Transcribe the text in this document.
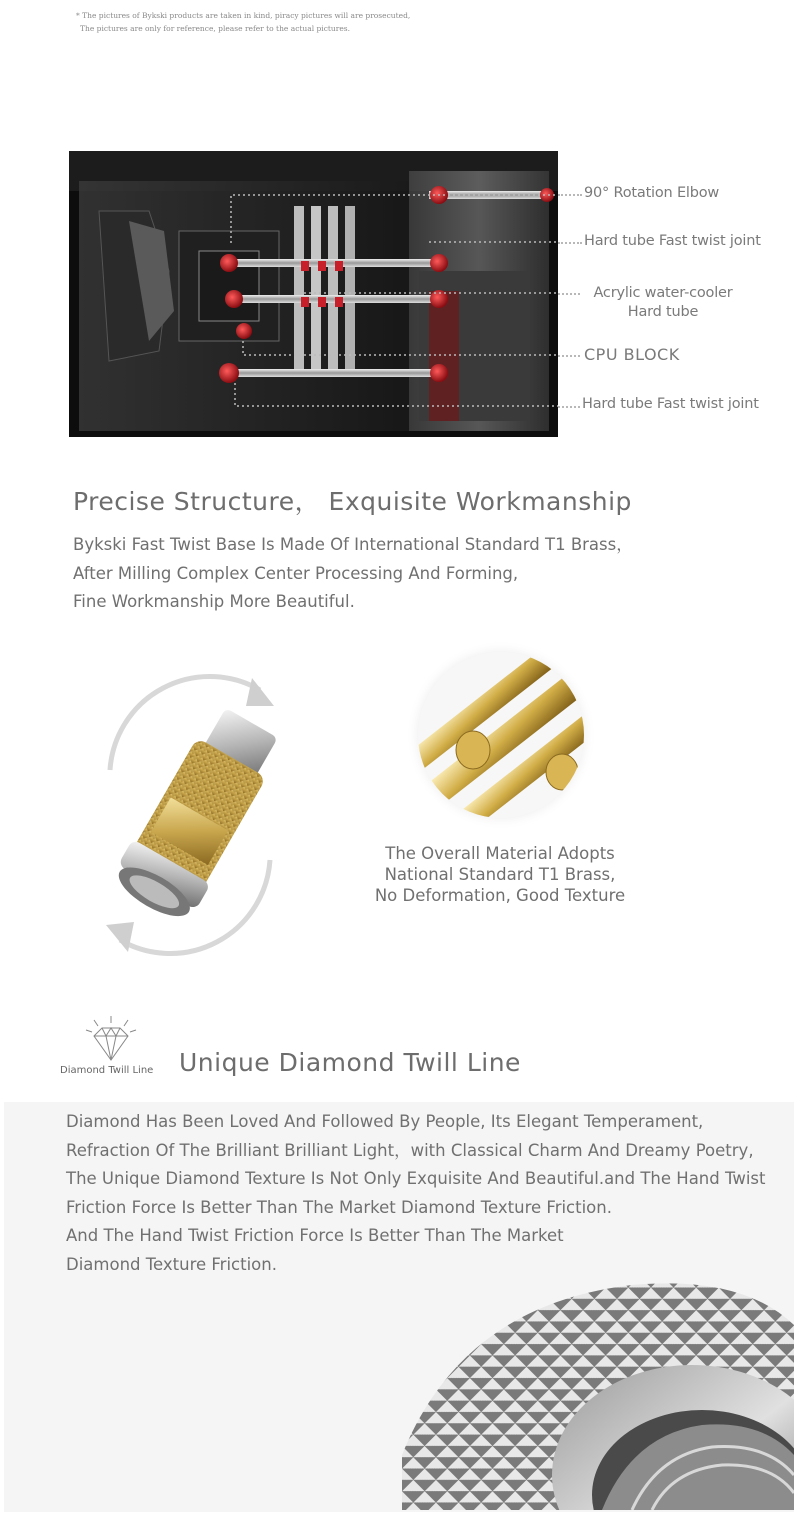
* The pictures of Bykski products are taken in kind, piracy pictures will are prosecuted,
The pictures are only for reference, please refer to the actual pictures.
90° Rotation Elbow
Hard tube Fast twist joint
Acrylic water-cooler
Hard tube
CPU BLOCK
Hard tube Fast twist joint
Precise Structure， Exquisite Workmanship
Bykski Fast Twist Base Is Made Of International Standard T1 Brass，
After Milling Complex Center Processing And Forming,
Fine Workmanship More Beautiful.
The Overall Material Adopts
National Standard T1 Brass,
No Deformation, Good Texture
Diamond Twill Line Unique Diamond Twill Line
Diamond Has Been Loved And Followed By People, Its Elegant Temperament,
Refraction Of The Brilliant Brilliant Light，with Classical Charm And Dreamy Poetry,
The Unique Diamond Texture Is Not Only Exquisite And Beautiful.and The Hand Twist
Friction Force Is Better Than The Market Diamond Texture Friction.
And The Hand Twist Friction Force Is Better Than The Market
Diamond Texture Friction.
